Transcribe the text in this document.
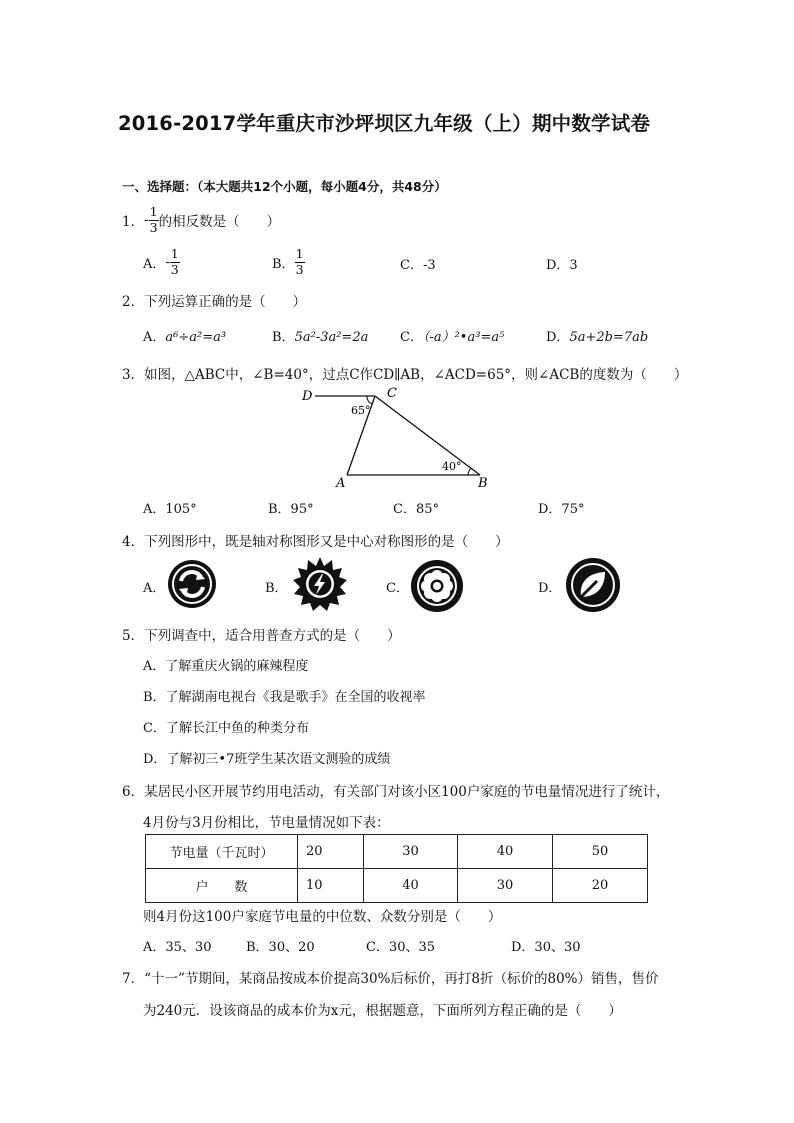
2016-2017学年重庆市沙坪坝区九年级（上）期中数学试卷
一、选择题：（本大题共12个小题，每小题4分，共48分）
1． - $\frac{1}{3}$ 的相反数是（　　）
A． - $\frac{1}{3}$	B． $\frac{1}{3}$	C．-3	D．3
2．下列运算正确的是（　　）
A．a⁶÷a²=a³	B．5a²-3a²=2a C．（-a）²•a³=a⁵	D．5a+2b=7ab
3．如图，△ABC中，∠B=40°，过点C作CD∥AB，∠ACD=65°，则∠ACB的度数为（　　）
D	C
A	B
65°
40°
A．105°	B．95°	C．85°	D．75°
4．下列图形中，既是轴对称图形又是中心对称图形的是（　　）
A．	B．	C．	D．
5．下列调查中，适合用普查方式的是（　　）
A．了解重庆火锅的麻辣程度
B．了解湖南电视台《我是歌手》在全国的收视率
C．了解长江中鱼的种类分布
D．了解初三•7班学生某次语文测验的成绩
6．某居民小区开展节约用电活动，有关部门对该小区100户家庭的节电量情况进行了统计，
4月份与3月份相比，节电量情况如下表：
节电量（千瓦时）	20	30	40	50
户　　数	10	40	30	20
则4月份这100户家庭节电量的中位数、众数分别是（　　）
A．35、30	B．30、20	C．30、35	D．30、30
7．“十一”节期间，某商品按成本价提高30%后标价，再打8折（标价的80%）销售，售价
为240元．设该商品的成本价为x元，根据题意，下面所列方程正确的是（　　）
